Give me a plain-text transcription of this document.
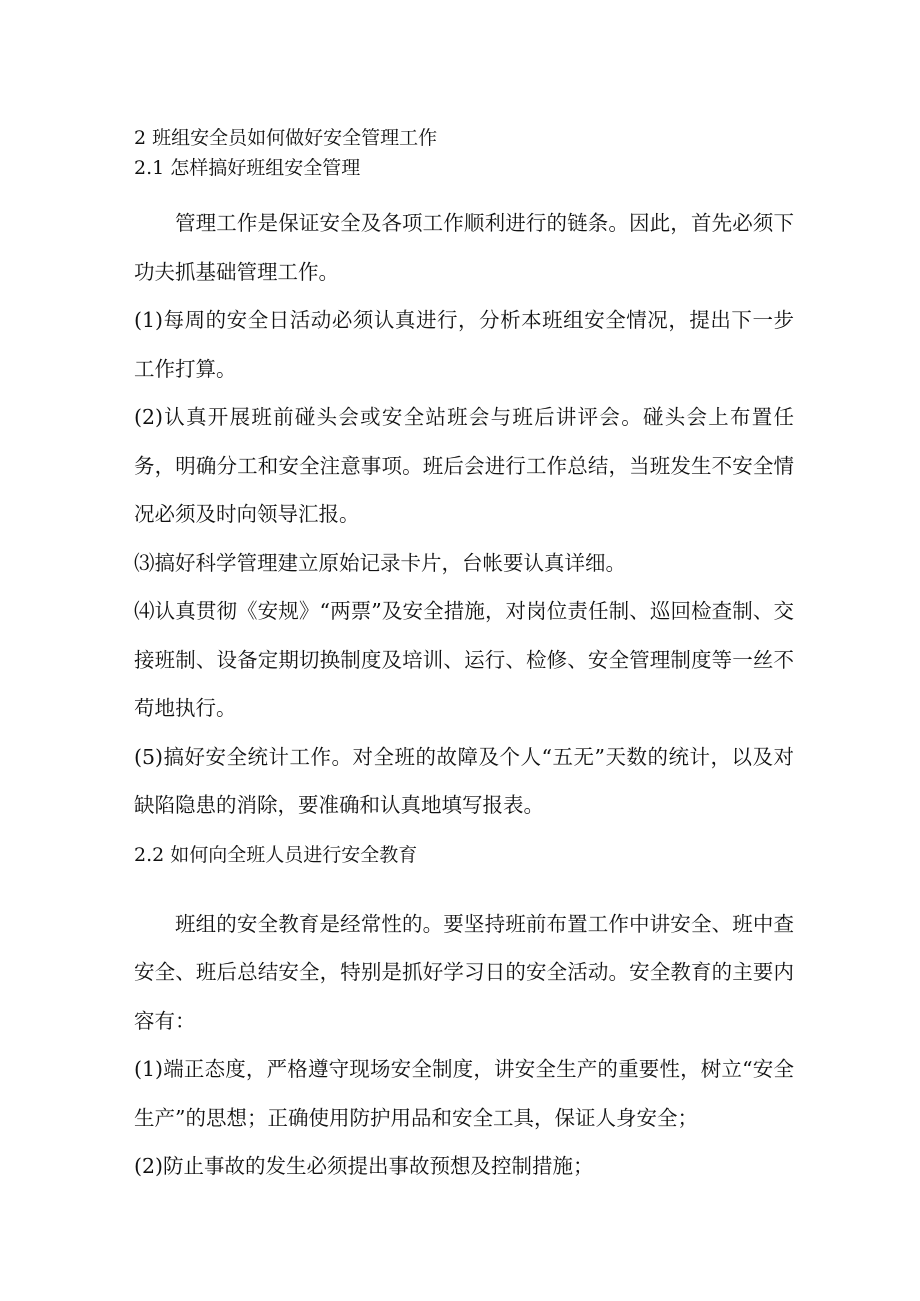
2 班组安全员如何做好安全管理工作
2.1 怎样搞好班组安全管理

管理工作是保证安全及各项工作顺利进行的链条。因此，首先必须下功夫抓基础管理工作。

(1)每周的安全日活动必须认真进行，分析本班组安全情况，提出下一步工作打算。

(2)认真开展班前碰头会或安全站班会与班后讲评会。碰头会上布置任务，明确分工和安全注意事项。班后会进行工作总结，当班发生不安全情况必须及时向领导汇报。

⑶搞好科学管理建立原始记录卡片，台帐要认真详细。

⑷认真贯彻《安规》“两票”及安全措施，对岗位责任制、巡回检查制、交接班制、设备定期切换制度及培训、运行、检修、安全管理制度等一丝不苟地执行。

(5)搞好安全统计工作。对全班的故障及个人“五无”天数的统计，以及对缺陷隐患的消除，要准确和认真地填写报表。

2.2 如何向全班人员进行安全教育

班组的安全教育是经常性的。要坚持班前布置工作中讲安全、班中查安全、班后总结安全，特别是抓好学习日的安全活动。安全教育的主要内容有：

(1)端正态度，严格遵守现场安全制度，讲安全生产的重要性，树立“安全生产”的思想；正确使用防护用品和安全工具，保证人身安全；

(2)防止事故的发生必须提出事故预想及控制措施；
